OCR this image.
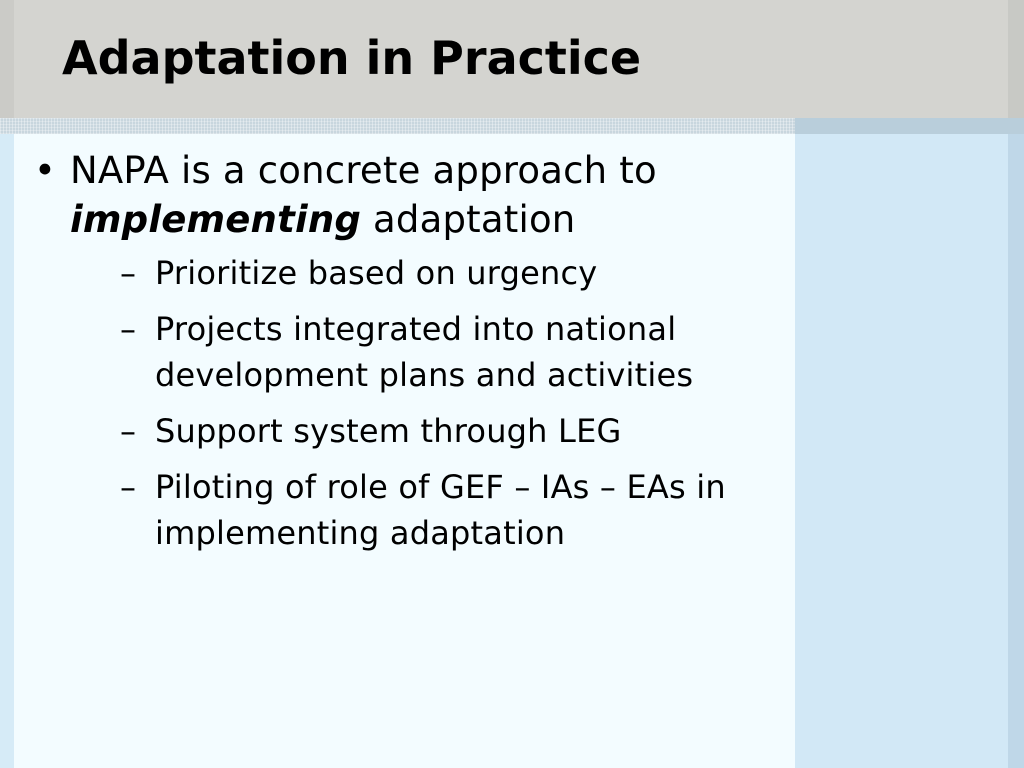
Adaptation in Practice
• NAPA is a concrete approach to
implementing adaptation
– Prioritize based on urgency
– Projects integrated into national
development plans and activities
– Support system through LEG
– Piloting of role of GEF – IAs – EAs in
implementing adaptation
